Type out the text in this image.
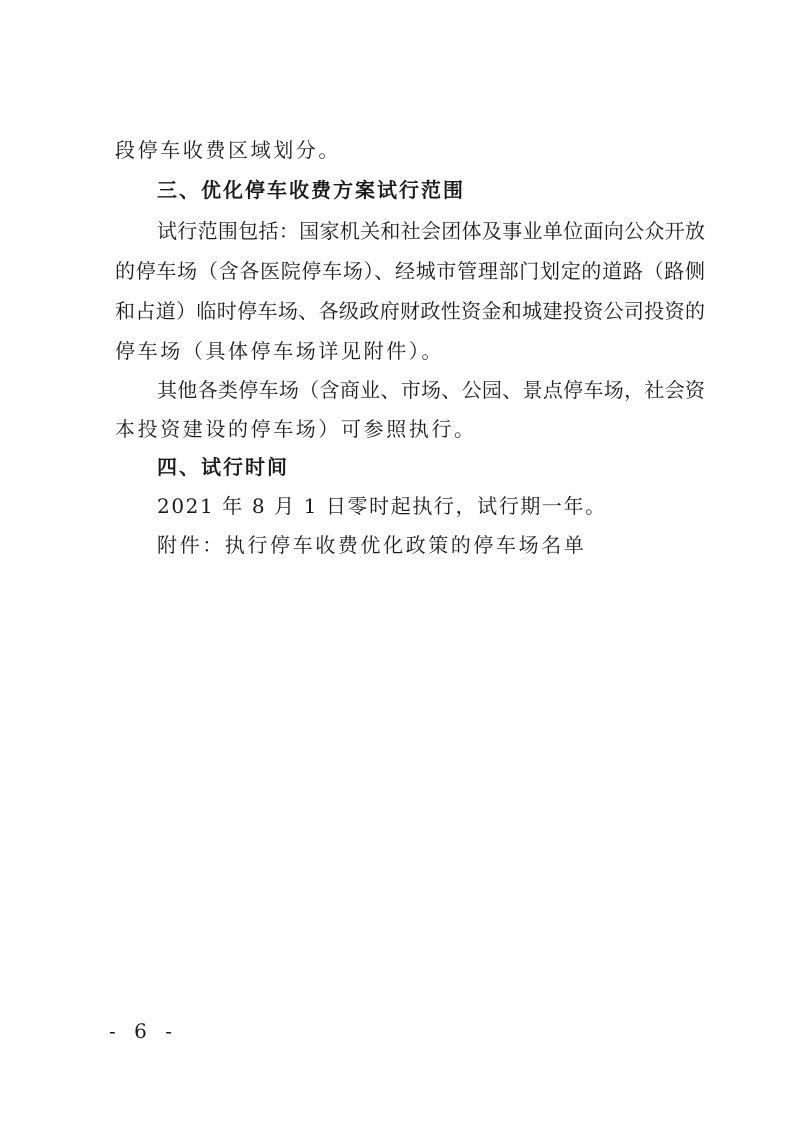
段停车收费区域划分。
三、优化停车收费方案试行范围
试行范围包括：国家机关和社会团体及事业单位面向公众开放
的停车场（含各医院停车场）、经城市管理部门划定的道路（路侧
和占道）临时停车场、各级政府财政性资金和城建投资公司投资的
停车场（具体停车场详见附件）。
其他各类停车场（含商业、市场、公园、景点停车场，社会资
本投资建设的停车场）可参照执行。
四、试行时间
2021 年 8 月 1 日零时起执行，试行期一年。
附件：执行停车收费优化政策的停车场名单
- 6 -
